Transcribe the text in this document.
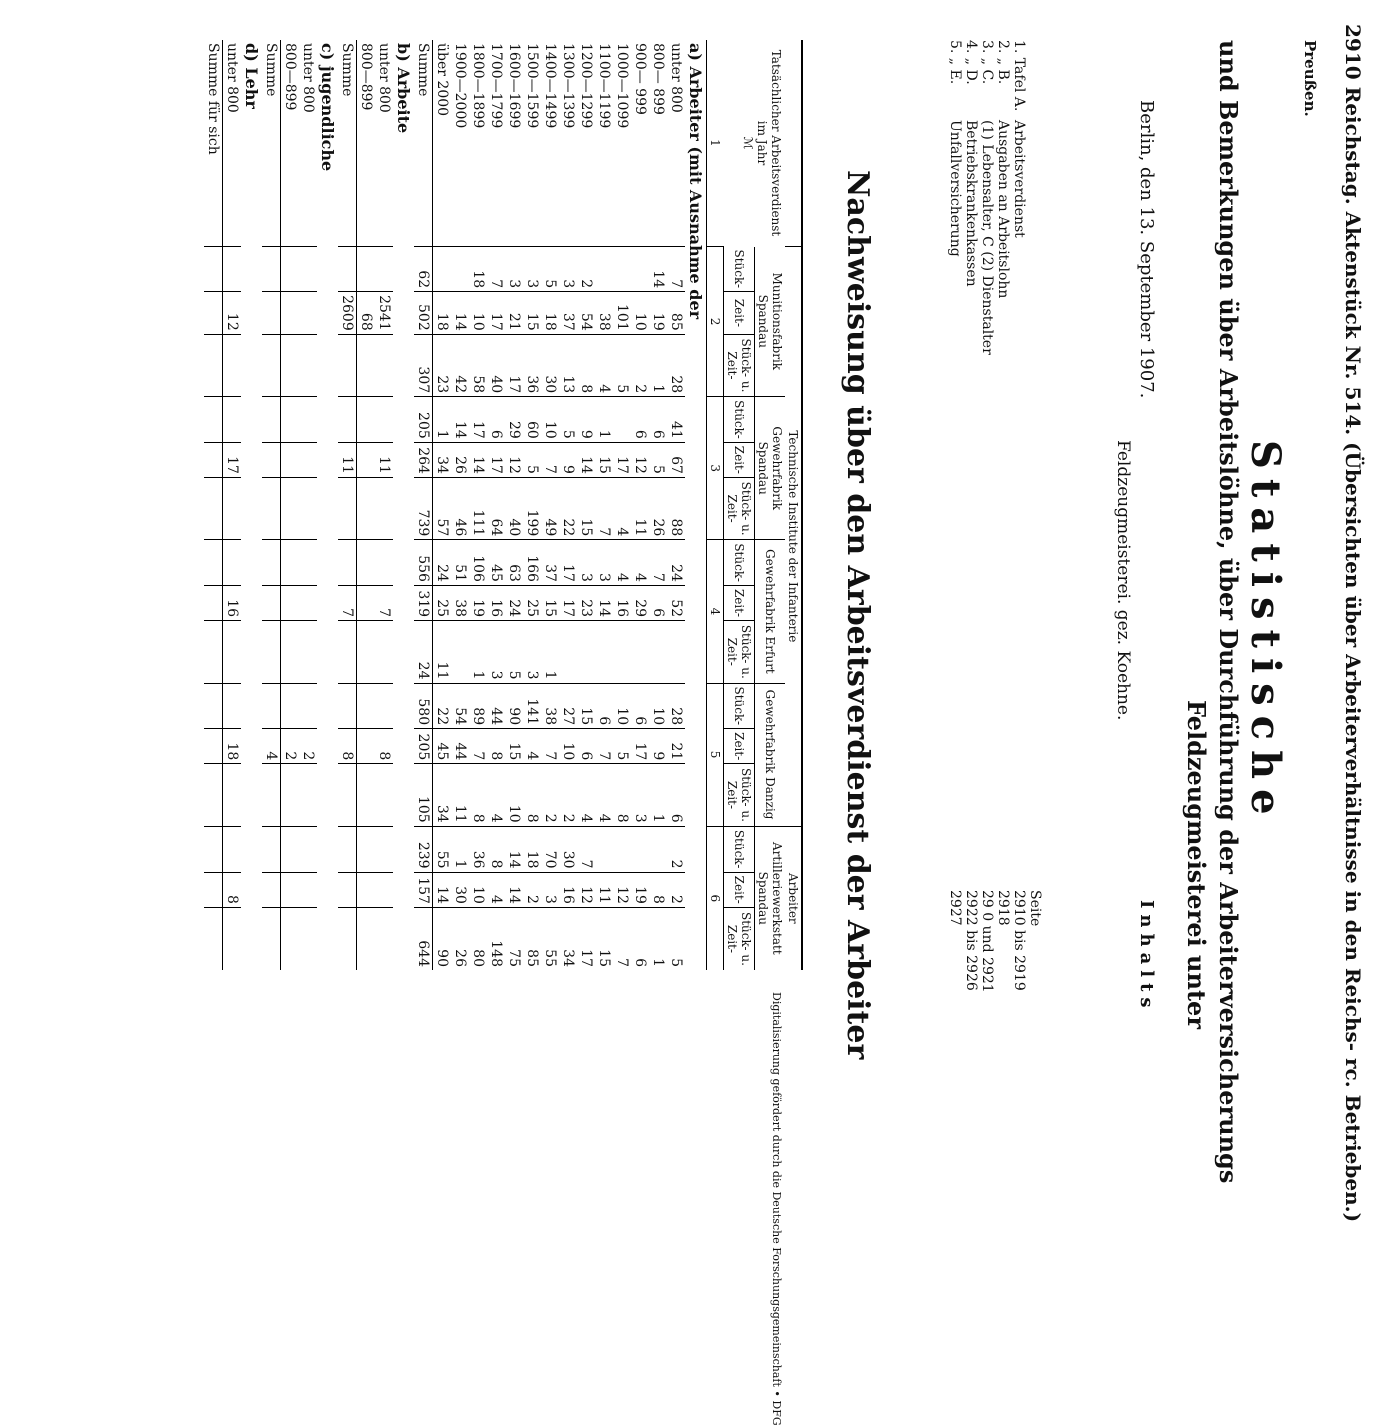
2910 Reichstag. Aktenstück Nr. 514. (Übersichten über Arbeiterverhältnisse in den Reichs- rc. Betrieben.)
Preußen.
Statistische
und Bemerkungen über Arbeitslöhne, über Durchführung der Arbeiterversicherungs
Feldzeugmeisterei unter
Berlin, den 13. September 1907.
Feldzeugmeisterei. gez. Koehne.
Inhalts
Seite
1. Tafel A.
Arbeitsverdienst
2910 bis 2919
2. „ B.
Ausgaben an Arbeitslohn
2918
3. „ C.
(1) Lebensalter, C (2) Dienstalter
29 0 und 2921
4. „ D.
Betriebskrankenkassen
2922 bis 2926
5. „ E.
Unfallversicherung
2927
Nachweisung über den Arbeitsverdienst der Arbeiter
Tatsächlicher Arbeitsverdienst im Jahr
ℳ	Technische Institute der Infanterie												Arbeiter		
	Munitionsfabrik Spandau			Gewehrfabrik Spandau			Gewehrfabrik Erfurt			Gewehrfabrik Danzig			Artilleriewerkstatt Spandau		
	Stück-	Zeit-	Stück- u. Zeit-	Stück-	Zeit-	Stück- u. Zeit-	Stück-	Zeit-	Stück- u. Zeit-	Stück-	Zeit-	Stück- u. Zeit-	Stück-	Zeit-	Stück- u. Zeit-
1	2			3			4			5			6		
a) Arbeiter (mit Ausnahme der															
unter 800	7	85	28	41	67	88	24	52		28	21	6	2	2	5
800— 899	14	19	1	6	5	26	7	6		10	9	1		8	1
900— 999		10	2	6	12	11	4	29		6	17	3		19	6
1000—1099		101	5		17	4	4	16		10	5	8		12	7
1100—1199		38	4	1	15	7	3	14		6	7	4		11	15
1200—1299	2	54	8	9	14	15	3	23		15	6	4	7	12	17
1300—1399	3	37	13	5	9	22	17	17		27	10	2	30	16	34
1400—1499	5	18	30	10	7	49	37	15	1	38	7	2	70	3	55
1500—1599	3	15	36	60	5	199	166	25	3	141	4	8	18	2	85
1600—1699	3	21	17	29	12	40	63	24	5	90	15	10	14	14	75
1700—1799	7	17	40	6	17	64	45	16	3	44	8	4	8	4	148
1800—1899	18	10	58	17	14	111	106	19	1	89	7	8	36	10	80
1900—2000		14	42	14	26	46	51	38		54	44	11	1	30	26
über 2000		18	23	1	34	57	24	25	11	22	45	34	55	14	90
Summe	62	502	307	205	264	739	556	319	24	580	205	105	239	157	644
b) Arbeite															
unter 800		2541			11			7			8				
800—899		68													
Summe		2609			11			7			8				
c) jugendliche															
unter 800											2				
800—899											2				
Summe											4				
d) Lehr															
unter 800		12			17			16			18			8	
Summe für sich															
Digitalisierung gefördert durch die Deutsche Forschungsgemeinschaft • DFG
